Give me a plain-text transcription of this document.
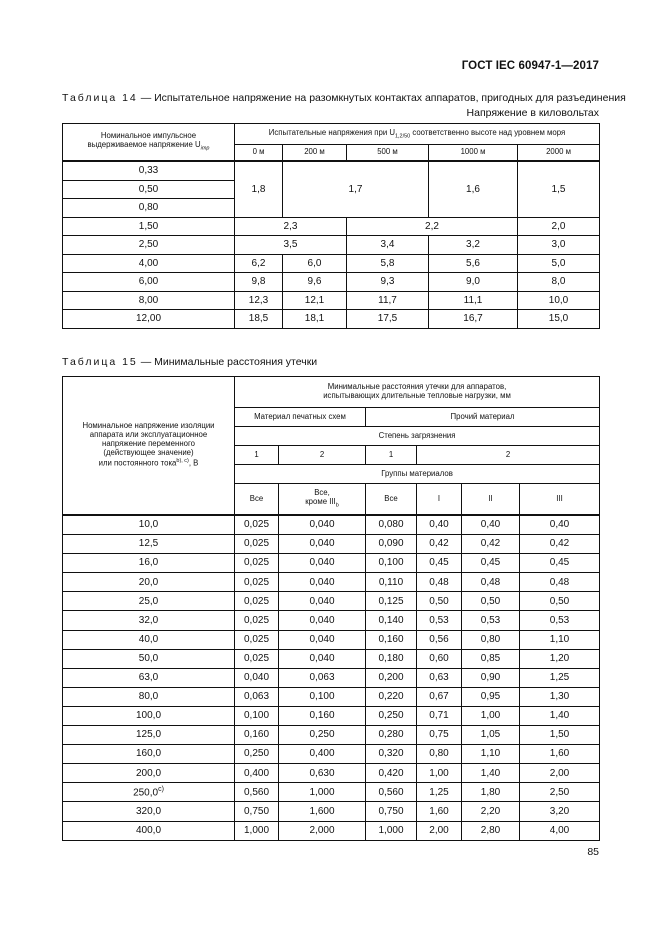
ГОСТ IEC 60947-1—2017
Таблица 14 — Испытательное напряжение на разомкнутых контактах аппаратов, пригодных для разъединения
Напряжение в киловольтах
Номинальное импульсное
выдерживаемое напряжение $U_{imp}$	Испытательные напряжения при $U_{1,2/50}$ соответственно высоте над уровнем моря				
	0 м	200 м	500 м	1000 м	2000 м
0,33	1,8	1,7		1,6	1,5
0,50					
0,80					
1,50	2,3		2,2		2,0
2,50	3,5		3,4	3,2	3,0
4,00	6,2	6,0	5,8	5,6	5,0
6,00	9,8	9,6	9,3	9,0	8,0
8,00	12,3	12,1	11,7	11,1	10,0
12,00	18,5	18,1	17,5	16,7	15,0
Таблица 15 — Минимальные расстояния утечки
Номинальное напряжение изоляции
аппарата или эксплуатационное
напряжение переменного
(действующее значение)
или постоянного тока$^{b), c)}$, В	Минимальные расстояния утечки для аппаратов,
испытывающих длительные тепловые нагрузки, мм					
	Материал печатных схем		Прочий материал			
	Степень загрязнения					
	1	2	1	2		
	Группы материалов					
	Все	Все,
кроме $III_b$	Все	I	II	III
10,0	0,025	0,040	0,080	0,40	0,40	0,40
12,5	0,025	0,040	0,090	0,42	0,42	0,42
16,0	0,025	0,040	0,100	0,45	0,45	0,45
20,0	0,025	0,040	0,110	0,48	0,48	0,48
25,0	0,025	0,040	0,125	0,50	0,50	0,50
32,0	0,025	0,040	0,140	0,53	0,53	0,53
40,0	0,025	0,040	0,160	0,56	0,80	1,10
50,0	0,025	0,040	0,180	0,60	0,85	1,20
63,0	0,040	0,063	0,200	0,63	0,90	1,25
80,0	0,063	0,100	0,220	0,67	0,95	1,30
100,0	0,100	0,160	0,250	0,71	1,00	1,40
125,0	0,160	0,250	0,280	0,75	1,05	1,50
160,0	0,250	0,400	0,320	0,80	1,10	1,60
200,0	0,400	0,630	0,420	1,00	1,40	2,00
250,0$^{c)}$	0,560	1,000	0,560	1,25	1,80	2,50
320,0	0,750	1,600	0,750	1,60	2,20	3,20
400,0	1,000	2,000	1,000	2,00	2,80	4,00
85
